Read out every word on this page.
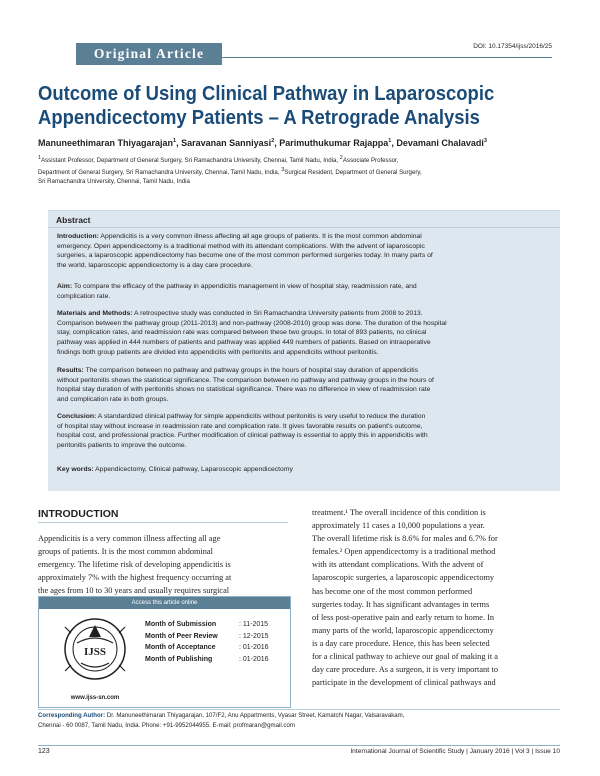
Original Article	DOI: 10.17354/ijss/2016/25
Outcome of Using Clinical Pathway in Laparoscopic
Appendicectomy Patients – A Retrograde Analysis
Manuneethimaran Thiyagarajan$^1$, Saravanan Sanniyasi$^2$, Parimuthukumar Rajappa$^1$, Devamani Chalavadi$^3$
$^1$Assistant Professor, Department of General Surgery, Sri Ramachandra University, Chennai, Tamil Nadu, India, $^2$Associate Professor,
Department of General Surgery, Sri Ramachandra University, Chennai, Tamil Nadu, India, $^3$Surgical Resident, Department of General Surgery,
Sri Ramachandra University, Chennai, Tamil Nadu, India
Abstract
Introduction: Appendicitis is a very common illness affecting all age groups of patients. It is the most common abdominal
emergency. Open appendicectomy is a traditional method with its attendant complications. With the advent of laparoscopic
surgeries, a laparoscopic appendicectomy has become one of the most common performed surgeries today. In many parts of
the world, laparoscopic appendicectomy is a day care procedure.
Aim: To compare the efficacy of the pathway in appendicitis management in view of hospital stay, readmission rate, and
complication rate.
Materials and Methods: A retrospective study was conducted in Sri Ramachandra University patients from 2008 to 2013.
Comparison between the pathway group (2011-2013) and non-pathway (2008-2010) group was done. The duration of the hospital
stay, complication rates, and readmission rate was compared between these two groups. In total of 893 patients, no clinical
pathway was applied in 444 numbers of patients and pathway was applied 449 numbers of patients. Based on intraoperative
findings both group patients are divided into appendicitis with peritonitis and appendicitis without peritonitis.
Results: The comparison between no pathway and pathway groups in the hours of hospital stay duration of appendicitis
without peritonitis shows the statistical significance. The comparison between no pathway and pathway groups in the hours of
hospital stay duration of with peritonitis shows no statistical significance. There was no difference in view of readmission rate
and complication rate in both groups.
Conclusion: A standardized clinical pathway for simple appendicitis without peritonitis is very useful to reduce the duration
of hospital stay without increase in readmission rate and complication rate. It gives favorable results on patient's outcome,
hospital cost, and professional practice. Further modification of clinical pathway is essential to apply this in appendicitis with
peritonitis patients to improve the outcome.
Key words: Appendicectomy, Clinical pathway, Laparoscopic appendicectomy
INTRODUCTION
Appendicitis is a very common illness affecting all age
groups of patients. It is the most common abdominal
emergency. The lifetime risk of developing appendicitis is
approximately 7% with the highest frequency occurring at
the ages from 10 to 30 years and usually requires surgical
treatment.¹ The overall incidence of this condition is
approximately 11 cases a 10,000 populations a year.
The overall lifetime risk is 8.6% for males and 6.7% for
females.² Open appendicectomy is a traditional method
with its attendant complications. With the advent of
laparoscopic surgeries, a laparoscopic appendicectomy
has become one of the most common performed
surgeries today. It has significant advantages in terms
of less post-operative pain and early return to home. In
many parts of the world, laparoscopic appendicectomy
is a day care procedure. Hence, this has been selected
for a clinical pathway to achieve our goal of making it a
day care procedure. As a surgeon, it is very important to
participate in the development of clinical pathways and
Access this article online
IJSS
www.ijss-sn.com
Month of Submission	: 11-2015
Month of Peer Review	: 12-2015
Month of Acceptance	: 01-2016
Month of Publishing	: 01-2016
Corresponding Author: Dr. Manuneethimaran Thiyagarajan, 107/F2, Anu Appartments, Vyasar Street, Kamatchi Nagar, Valsaravakam,
Chennai - 60 0087, Tamil Nadu, India. Phone: +91-9952044955. E-mail: profmaran@gmail.com
123	International Journal of Scientific Study | January 2016 | Vol 3 | Issue 10
